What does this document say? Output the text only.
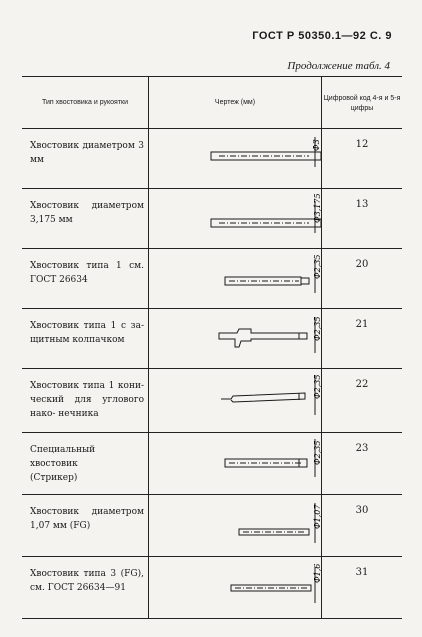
ГОСТ Р 50350.1—92 С. 9
Продолжение табл. 4
Тип хвостовика и рукоятки	Чертеж (мм)	Цифровой код 4-я и 5-я цифры

Хвостовик диаметром 3 мм	Ф3	12

Хвостовик диаметром
3,175 мм	Ф3,175	13

Хвостовик типа 1 см.
ГОСТ 26634	Ф2,35	20

Хвостовик типа 1 с за-
щитным колпачком	Ф2,35	21

Хвостовик типа 1 кони-
ческий для углового нако- нечника	Ф2,35	22

Специальный хвостовик
(Стрикер)	Ф2,35	23

Хвостовик диаметром
1,07 мм (FG)	Ф1,07	30

Хвостовик типа 3 (FG),
см. ГОСТ 26634—91	Ф1,6	31
